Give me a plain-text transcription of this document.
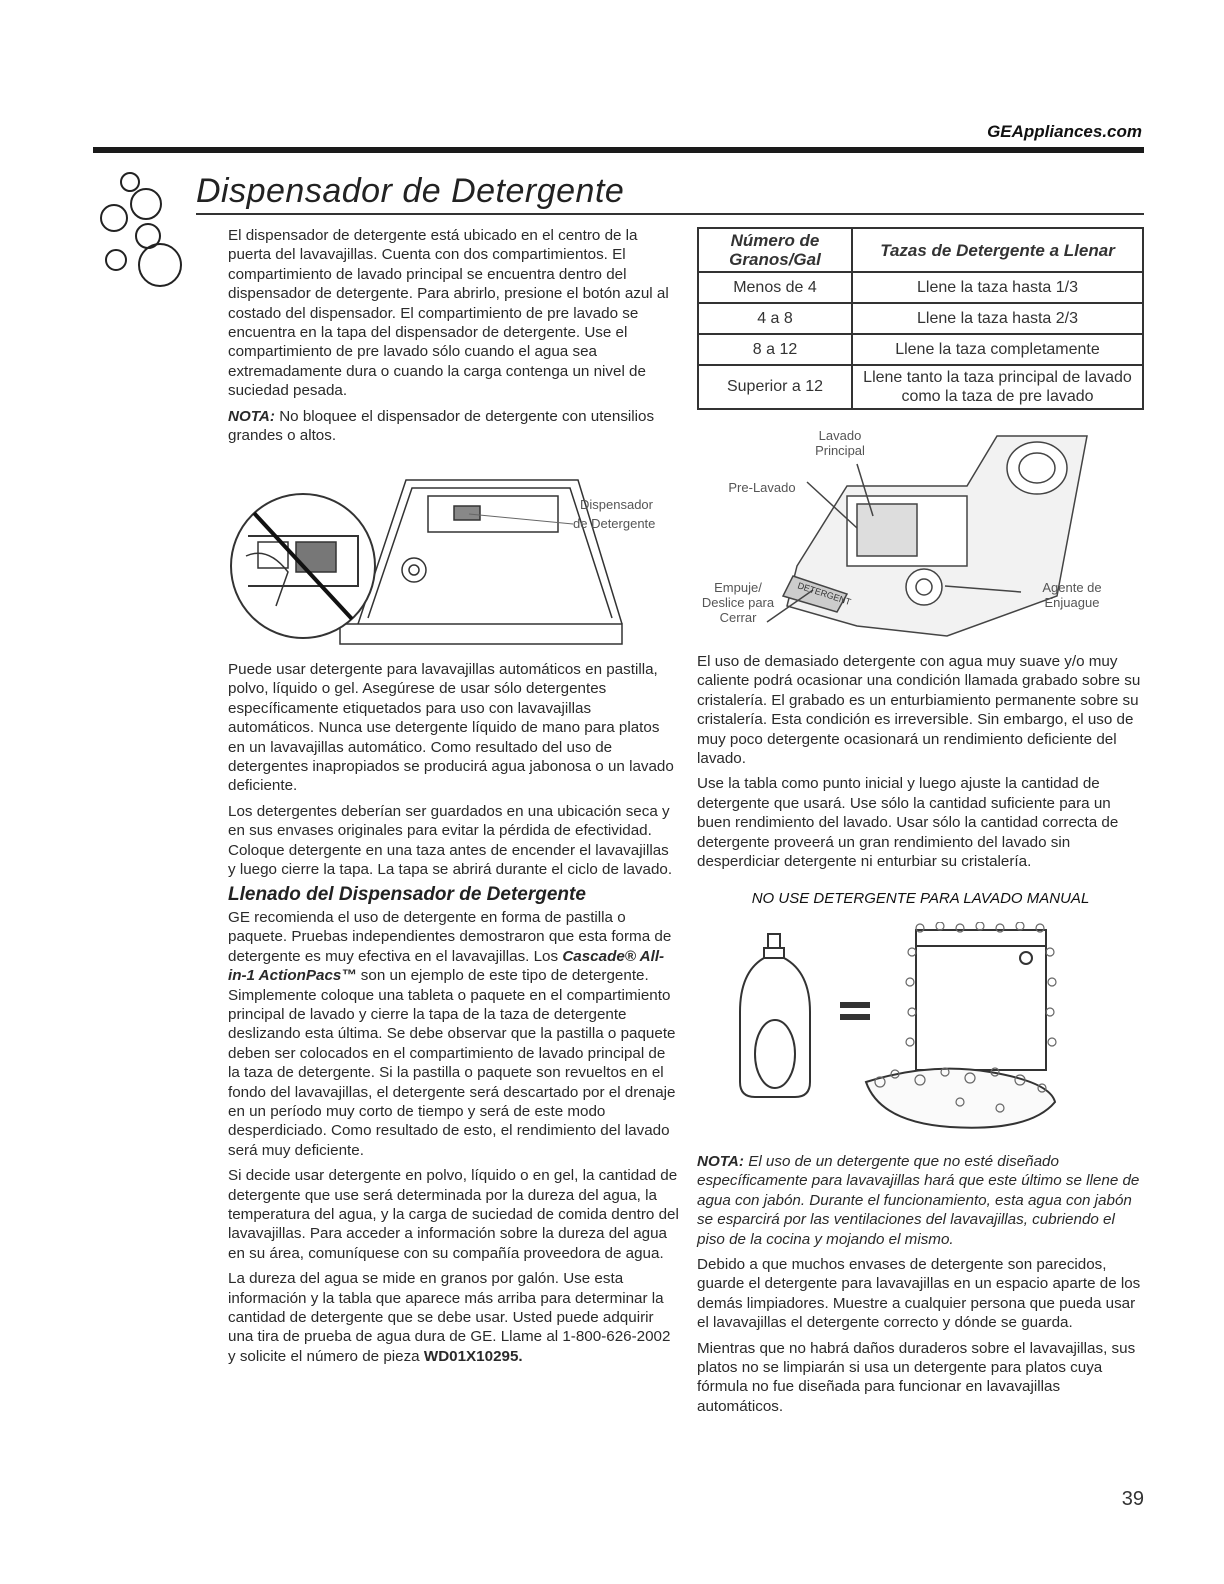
GEAppliances.com
Dispensador de Detergente

El dispensador de detergente está ubicado en el centro de la puerta del lavavajillas. Cuenta con dos compartimientos. El compartimiento de lavado principal se encuentra dentro del dispensador de detergente. Para abrirlo, presione el botón azul al costado del dispensador. El compartimiento de pre lavado se encuentra en la tapa del dispensador de detergente. Use el compartimiento de pre lavado sólo cuando el agua sea extremadamente dura o cuando la carga contenga un nivel de suciedad pesada.

NOTA: No bloquee el dispensador de detergente con utensilios grandes o altos.

Dispensador
de Detergente

Puede usar detergente para lavavajillas automáticos en pastilla, polvo, líquido o gel. Asegúrese de usar sólo detergentes específicamente etiquetados para uso con lavavajillas automáticos. Nunca use detergente líquido de mano para platos en un lavavajillas automático. Como resultado del uso de detergentes inapropiados se producirá agua jabonosa o un lavado deficiente.

Los detergentes deberían ser guardados en una ubicación seca y en sus envases originales para evitar la pérdida de efectividad. Coloque detergente en una taza antes de encender el lavavajillas y luego cierre la tapa. La tapa se abrirá durante el ciclo de lavado.

Llenado del Dispensador de Detergente

GE recomienda el uso de detergente en forma de pastilla o paquete. Pruebas independientes demostraron que esta forma de detergente es muy efectiva en el lavavajillas. Los Cascade® All-in-1 ActionPacs™ son un ejemplo de este tipo de detergente. Simplemente coloque una tableta o paquete en el compartimiento principal de lavado y cierre la tapa de la taza de detergente deslizando esta última. Se debe observar que la pastilla o paquete deben ser colocados en el compartimiento de lavado principal de la taza de detergente. Si la pastilla o paquete son revueltos en el fondo del lavavajillas, el detergente será descartado por el drenaje en un período muy corto de tiempo y será de este modo desperdiciado. Como resultado de esto, el rendimiento del lavado será muy deficiente.

Si decide usar detergente en polvo, líquido o en gel, la cantidad de detergente que use será determinada por la dureza del agua, la temperatura del agua, y la carga de suciedad de comida dentro del lavavajillas. Para acceder a información sobre la dureza del agua en su área, comuníquese con su compañía proveedora de agua.

La dureza del agua se mide en granos por galón. Use esta información y la tabla que aparece más arriba para determinar la cantidad de detergente que se debe usar. Usted puede adquirir una tira de prueba de agua dura de GE. Llame al 1-800-626-2002 y solicite el número de pieza WD01X10295.

Número de Granos/Gal	Tazas de Detergente a Llenar
Menos de 4	Llene la taza hasta 1/3
4 a 8	Llene la taza hasta 2/3
8 a 12	Llene la taza completamente
Superior a 12	Llene tanto la taza principal de lavado como la taza de pre lavado
DETERGENT
Lavado
Principal
Pre-Lavado
Empuje/
Deslice para
Cerrar
Agente de
Enjuague

El uso de demasiado detergente con agua muy suave y/o muy caliente podrá ocasionar una condición llamada grabado sobre su cristalería. El grabado es un enturbiamiento permanente sobre su cristalería. Esta condición es irreversible. Sin embargo, el uso de muy poco detergente ocasionará un rendimiento deficiente del lavado.

Use la tabla como punto inicial y luego ajuste la cantidad de detergente que usará. Use sólo la cantidad suficiente para un buen rendimiento del lavado. Usar sólo la cantidad correcta de detergente proveerá un gran rendimiento del lavado sin desperdiciar detergente ni enturbiar su cristalería.

NO USE DETERGENTE PARA LAVADO MANUAL

NOTA: El uso de un detergente que no esté diseñado específicamente para lavavajillas hará que este último se llene de agua con jabón. Durante el funcionamiento, esta agua con jabón se esparcirá por las ventilaciones del lavavajillas, cubriendo el piso de la cocina y mojando el mismo.

Debido a que muchos envases de detergente son parecidos, guarde el detergente para lavavajillas en un espacio aparte de los demás limpiadores. Muestre a cualquier persona que pueda usar el lavavajillas el detergente correcto y dónde se guarda.

Mientras que no habrá daños duraderos sobre el lavavajillas, sus platos no se limpiarán si usa un detergente para platos cuya fórmula no fue diseñada para funcionar en lavavajillas automáticos.

39
